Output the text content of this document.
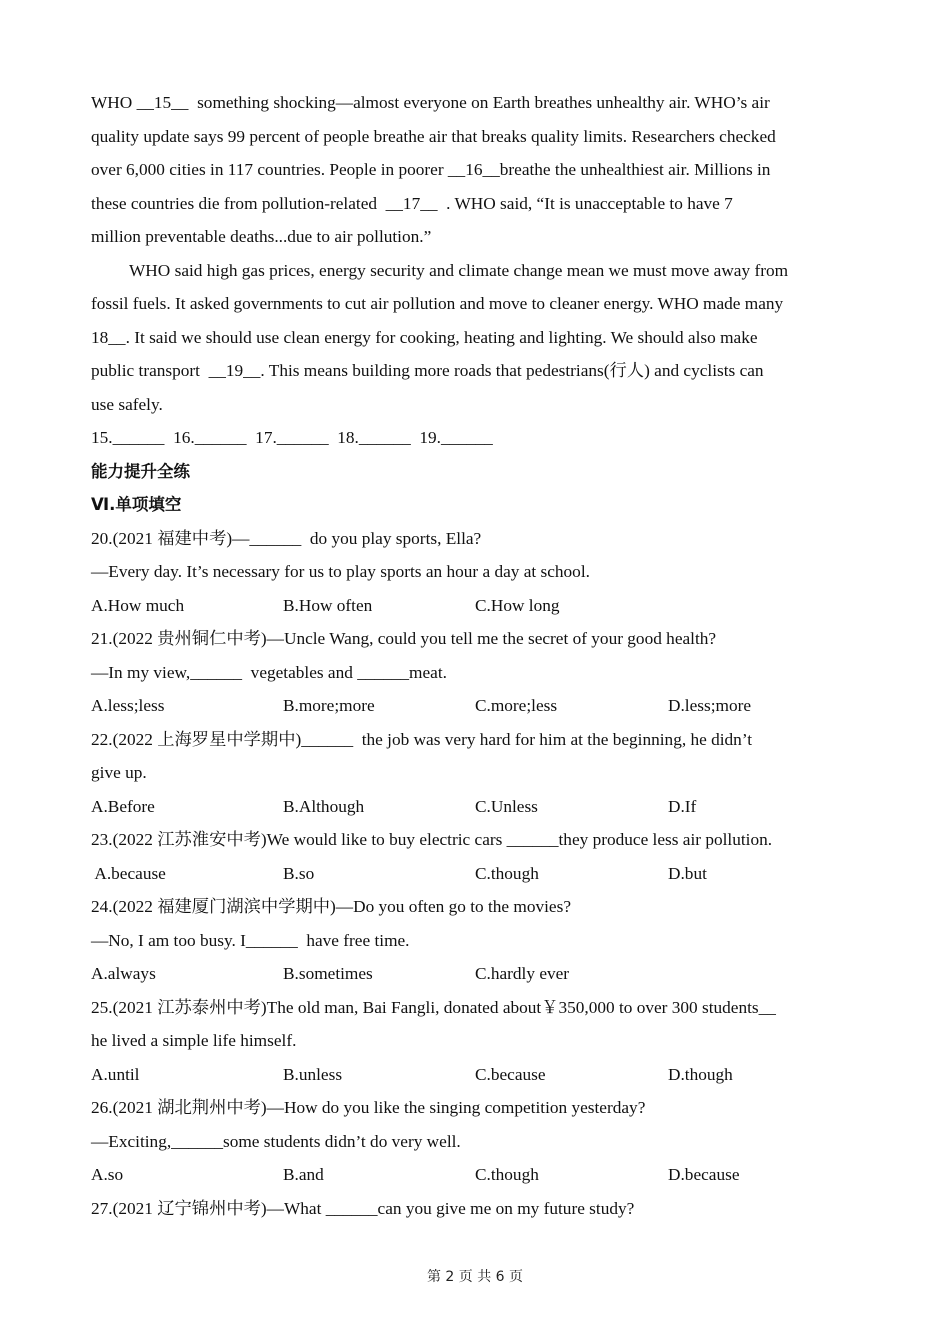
WHO __15__  something shocking—almost everyone on Earth breathes unhealthy air. WHO’s air
quality update says 99 percent of people breathe air that breaks quality limits. Researchers checked
over 6,000 cities in 117 countries. People in poorer __16__breathe the unhealthiest air. Millions in
these countries die from pollution-related  __17__  . WHO said, “It is unacceptable to have 7
million preventable deaths...due to air pollution.”
WHO said high gas prices, energy security and climate change mean we must move away from
fossil fuels. It asked governments to cut air pollution and move to cleaner energy. WHO made many
18__. It said we should use clean energy for cooking, heating and lighting. We should also make
public transport  __19__. This means building more roads that pedestrians(行人) and cyclists can
use safely.
15.______  16.______  17.______  18.______  19.______
能力提升全练
Ⅵ.单项填空
20.(2021 福建中考)—______  do you play sports, Ella?
—Every day. It’s necessary for us to play sports an hour a day at school.
A.How much	B.How often	C.How long
21.(2022 贵州铜仁中考)—Uncle Wang, could you tell me the secret of your good health?
—In my view,______  vegetables and ______meat.
A.less;less	B.more;more	C.more;less	D.less;more
22.(2022 上海罗星中学期中)______  the job was very hard for him at the beginning, he didn’t
give up.
A.Before	B.Although	C.Unless	D.If
23.(2022 江苏淮安中考)We would like to buy electric cars ______they produce less air pollution.
A.because	B.so	C.though	D.but
24.(2022 福建厦门湖滨中学期中)—Do you often go to the movies?
—No, I am too busy. I______  have free time.
A.always	B.sometimes	C.hardly ever
25.(2021 江苏泰州中考)The old man, Bai Fangli, donated about￥350,000 to over 300 students__
he lived a simple life himself.
A.until	B.unless	C.because	D.though
26.(2021 湖北荆州中考)—How do you like the singing competition yesterday?
—Exciting,______some students didn’t do very well.
A.so	B.and	C.though	D.because
27.(2021 辽宁锦州中考)—What ______can you give me on my future study?
第 2 页 共 6 页
